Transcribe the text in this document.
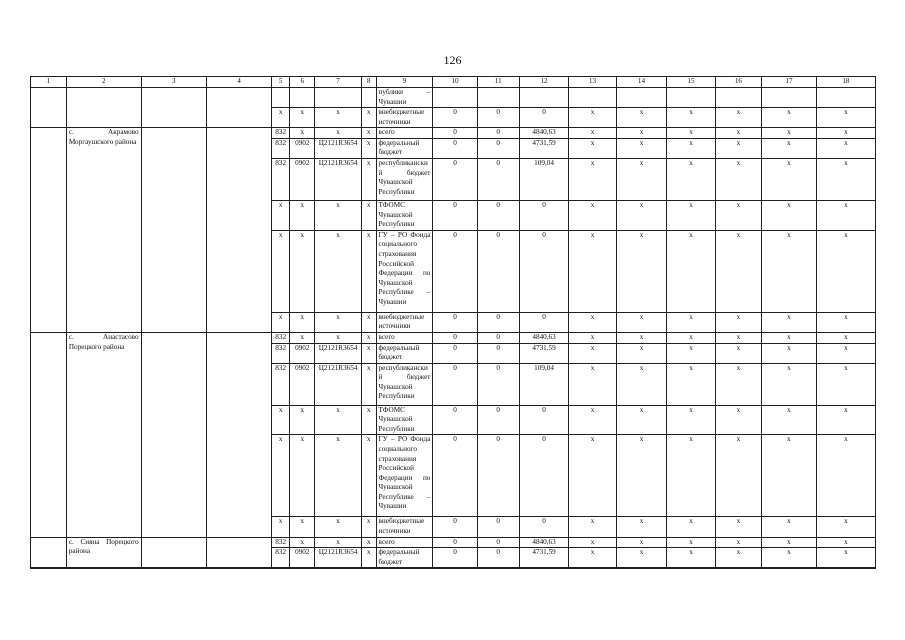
126
1	2	3	4	5	6	7	8	9	10	11	12	13	14	15	16	17	18
								публике – Чувашии									
				х	х	х	х	внебюджетные источники	0	0	0	х	х	х	х	х	х
	с. Акрамово Моргаушского района			832	х	х	х	всего	0	0	4840,63	х	х	х	х	х	х
				832	0902	Ц2121R3654	х	федеральный бюджет	0	0	4731,59	х	х	х	х	х	х
				832	0902	Ц2121R3654	х	республиканский бюджет Чувашской Республики	0	0	109,04	х	х	х	х	х	х
				х	х	х	х	ТФОМС Чувашской Республики	0	0	0	х	х	х	х	х	х
				х	х	х	х	ГУ – РО Фонда социального страхования Российской Федерации по Чувашской Республике – Чувашии	0	0	0	х	х	х	х	х	х
				х	х	х	х	внебюджетные источники	0	0	0	х	х	х	х	х	х
	с. Анастасово Порецкого района			832	х	х	х	всего	0	0	4840,63	х	х	х	х	х	х
				832	0902	Ц2121R3654	х	федеральный бюджет	0	0	4731,59	х	х	х	х	х	х
				832	0902	Ц2121R3654	х	республиканский бюджет Чувашской Республики	0	0	109,04	х	х	х	х	х	х
				х	х	х	х	ТФОМС Чувашской Республики	0	0	0	х	х	х	х	х	х
				х	х	х	х	ГУ – РО Фонда социального страхования Российской Федерации по Чувашской Республике – Чувашии	0	0	0	х	х	х	х	х	х
				х	х	х	х	внебюджетные источники	0	0	0	х	х	х	х	х	х
	с. Сияна Порецкого района			832	х	х	х	всего	0	0	4840,63	х	х	х	х	х	х
				832	0902	Ц2121R3654	х	федеральный бюджет	0	0	4731,59	х	х	х	х	х	х
